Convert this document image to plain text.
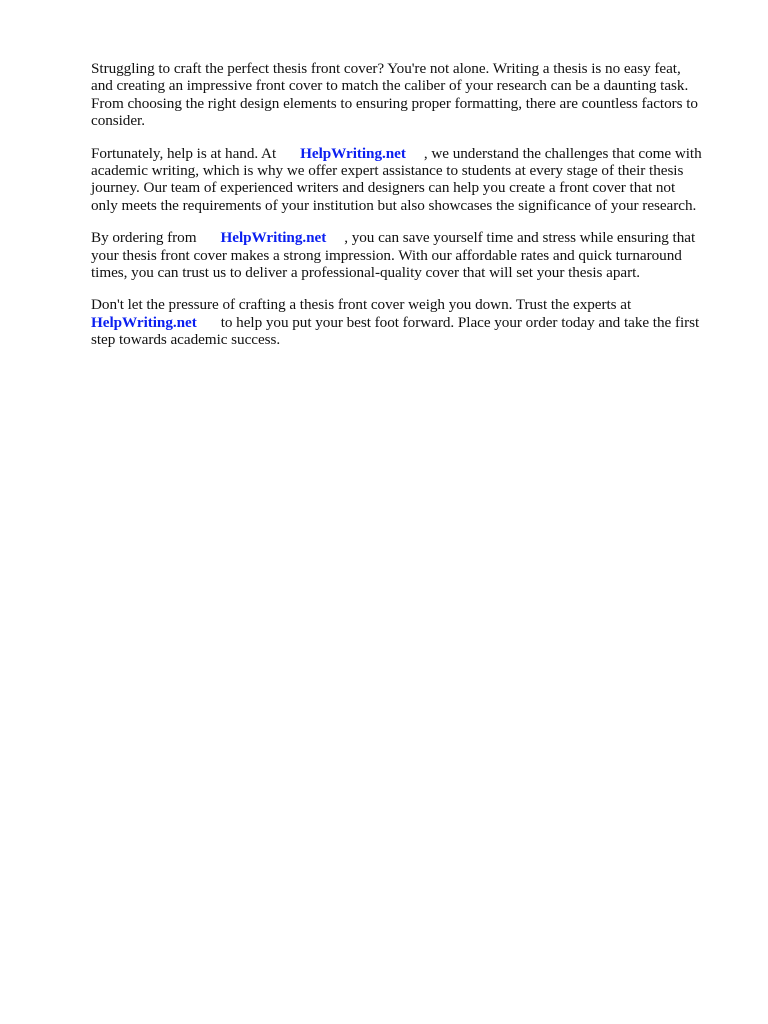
Struggling to craft the perfect thesis front cover? You're not alone. Writing a thesis is no easy feat,
and creating an impressive front cover to match the caliber of your research can be a daunting task.
From choosing the right design elements to ensuring proper formatting, there are countless factors to
consider.

Fortunately, help is at hand. At HelpWriting.net , we understand the challenges that come with
academic writing, which is why we offer expert assistance to students at every stage of their thesis
journey. Our team of experienced writers and designers can help you create a front cover that not
only meets the requirements of your institution but also showcases the significance of your research.

By ordering from HelpWriting.net , you can save yourself time and stress while ensuring that
your thesis front cover makes a strong impression. With our affordable rates and quick turnaround
times, you can trust us to deliver a professional-quality cover that will set your thesis apart.

Don't let the pressure of crafting a thesis front cover weigh you down. Trust the experts at
HelpWriting.net to help you put your best foot forward. Place your order today and take the first
step towards academic success.
